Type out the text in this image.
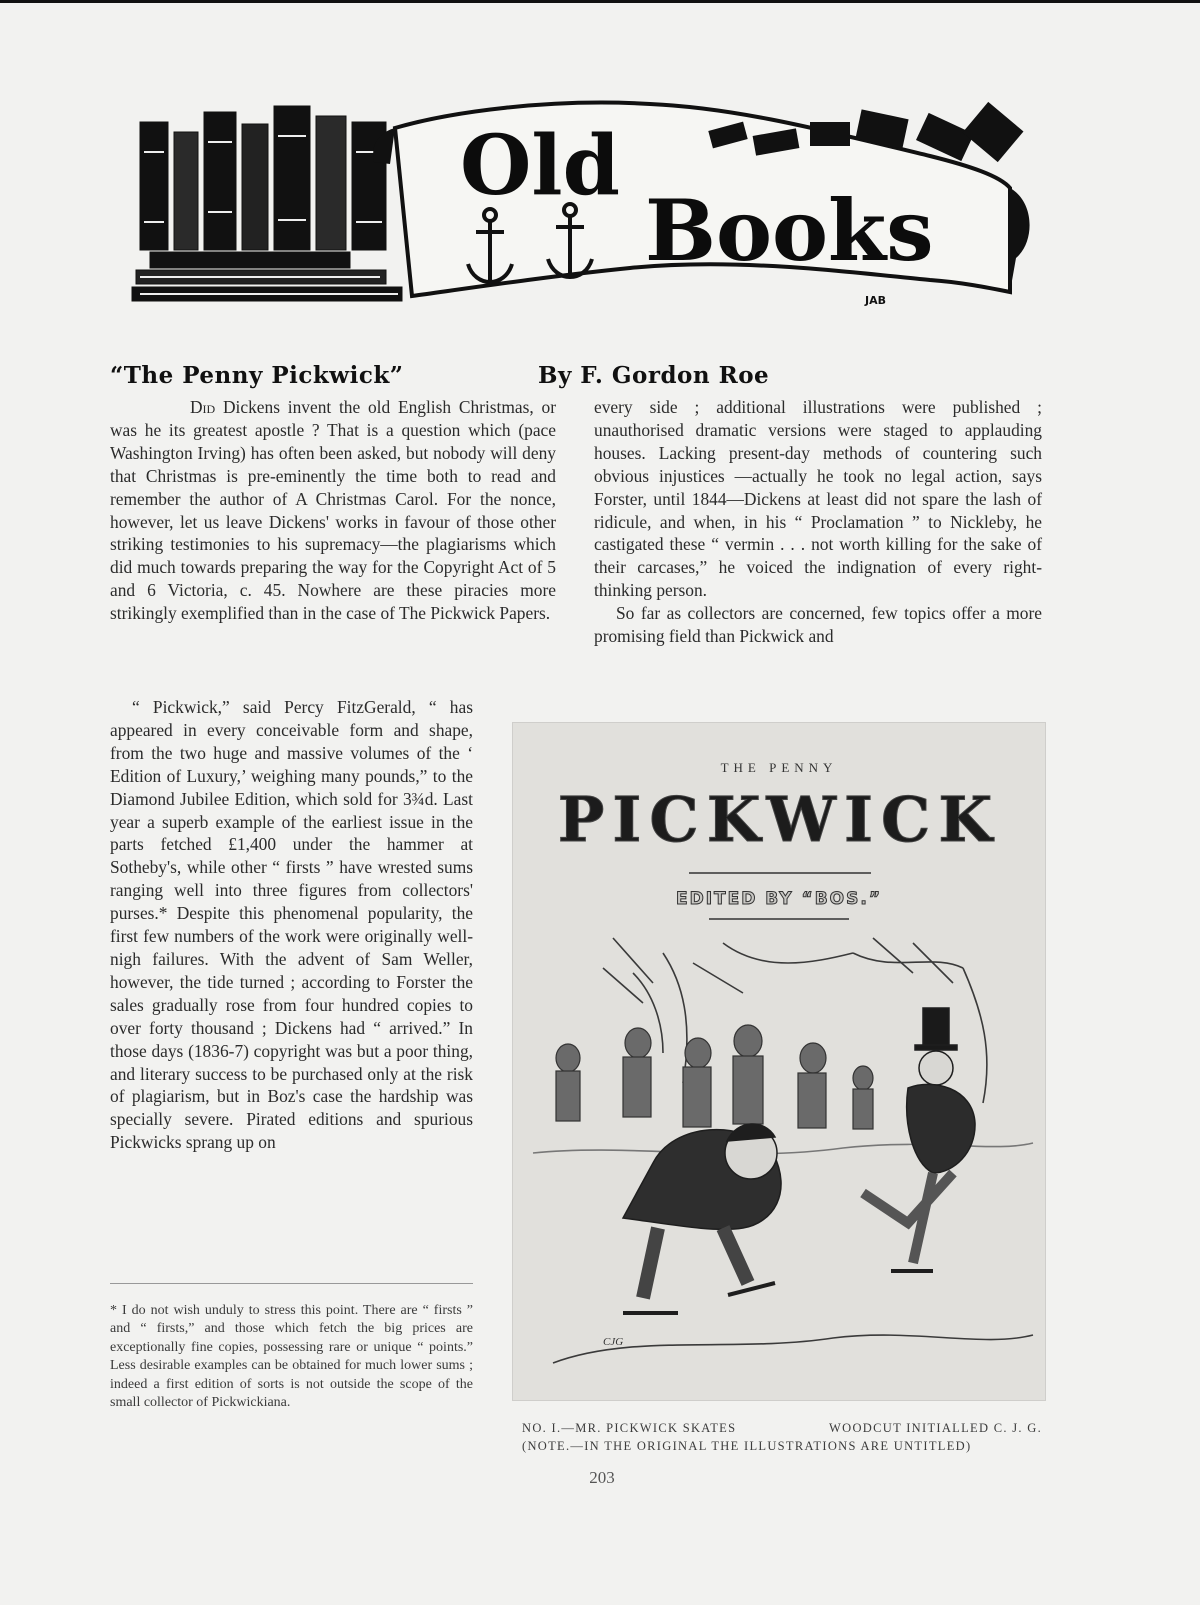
Old
Books
JAB
“The Penny Pickwick”	By F. Gordon Roe

Did Dickens invent the old English Christmas, or was he its greatest apostle ? That is a question which (pace Washington Irving) has often been asked, but nobody will deny that Christmas is pre-eminently the time both to read and remember the author of A Christmas Carol. For the nonce, however, let us leave Dickens' works in favour of those other striking testimonies to his supremacy—the plagiarisms which did much towards preparing the way for the Copyright Act of 5 and 6 Victoria, c. 45. Nowhere are these piracies more strikingly exemplified than in the case of The Pickwick Papers.

“ Pickwick,” said Percy FitzGerald, “ has appeared in every conceivable form and shape, from the two huge and massive volumes of the ‘ Edition of Luxury,’ weighing many pounds,” to the Diamond Jubilee Edition, which sold for 3¾d. Last year a superb example of the earliest issue in the parts fetched £1,400 under the hammer at Sotheby's, while other “ firsts ” have wrested sums ranging well into three figures from collectors' purses.* Despite this phenomenal popularity, the first few numbers of the work were originally well-nigh failures. With the advent of Sam Weller, however, the tide turned ; according to Forster the sales gradually rose from four hundred copies to over forty thousand ; Dickens had “ arrived.” In those days (1836-7) copyright was but a poor thing, and literary success to be purchased only at the risk of plagiarism, but in Boz's case the hardship was specially severe. Pirated editions and spurious Pickwicks sprang up on

every side ; additional illustrations were published ; unauthorised dramatic versions were staged to applauding houses. Lacking present-day methods of countering such obvious injustices —actually he took no legal action, says Forster, until 1844—Dickens at least did not spare the lash of ridicule, and when, in his “ Proclamation ” to Nickleby, he castigated these “ vermin . . . not worth killing for the sake of their carcases,” he voiced the indignation of every right-thinking person.

So far as collectors are concerned, few topics offer a more promising field than Pickwick and

* I do not wish unduly to stress this point. There are “ firsts ” and “ firsts,” and those which fetch the big prices are exceptionally fine copies, possessing rare or unique “ points.” Less desirable examples can be obtained for much lower sums ; indeed a first edition of sorts is not outside the scope of the small collector of Pickwickiana.
THE PENNY
PICKWICK
EDITED BY “BOS.”
CJG
NO. I.—MR. PICKWICK SKATES	WOODCUT INITIALLED C. J. G.
(NOTE.—IN THE ORIGINAL THE ILLUSTRATIONS ARE UNTITLED)
203
